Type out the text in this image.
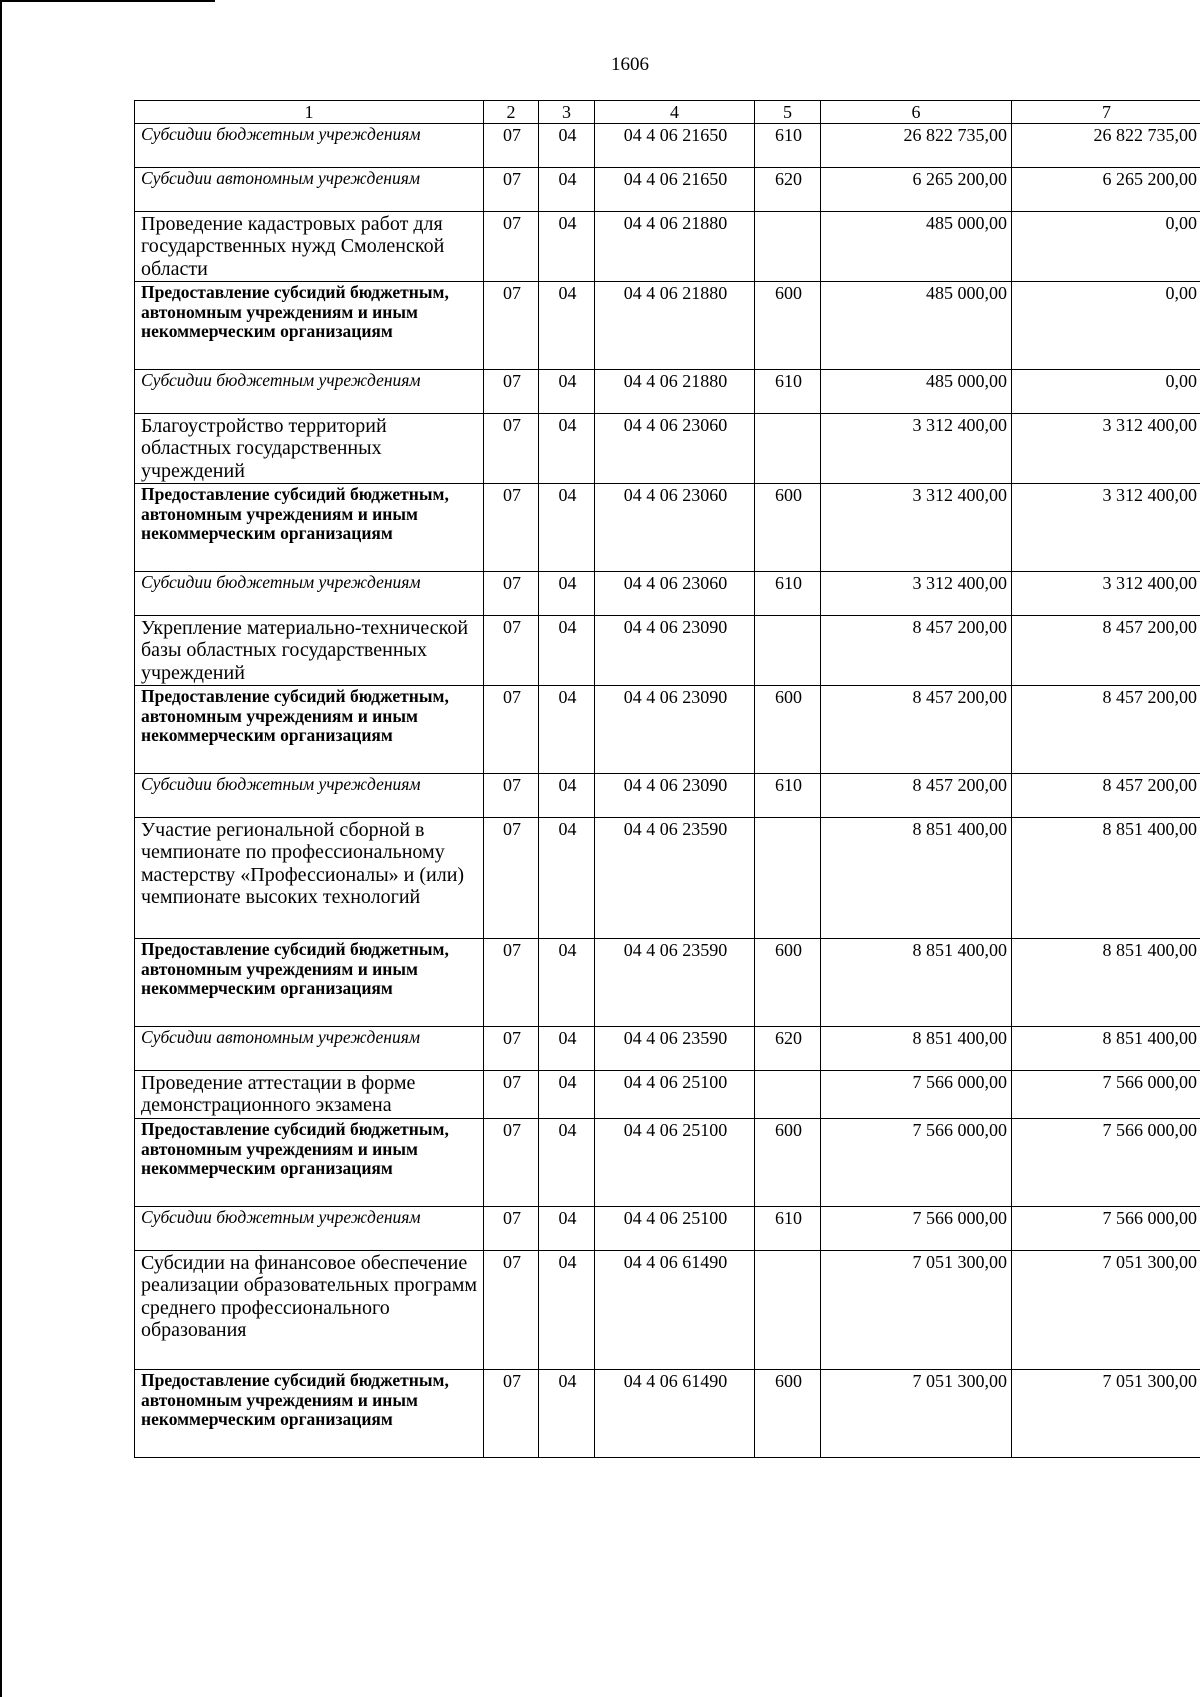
1606
1	2	3	4	5	6	7
Субсидии бюджетным учреждениям	07	04	04 4 06 21650	610	26 822 735,00	26 822 735,00
Субсидии автономным учреждениям	07	04	04 4 06 21650	620	6 265 200,00	6 265 200,00
Проведение кадастровых работ для государственных нужд Смоленской области	07	04	04 4 06 21880		485 000,00	0,00
Предоставление субсидий бюджетным, автономным учреждениям и иным некоммерческим организациям	07	04	04 4 06 21880	600	485 000,00	0,00
Субсидии бюджетным учреждениям	07	04	04 4 06 21880	610	485 000,00	0,00
Благоустройство территорий областных государственных учреждений	07	04	04 4 06 23060		3 312 400,00	3 312 400,00
Предоставление субсидий бюджетным, автономным учреждениям и иным некоммерческим организациям	07	04	04 4 06 23060	600	3 312 400,00	3 312 400,00
Субсидии бюджетным учреждениям	07	04	04 4 06 23060	610	3 312 400,00	3 312 400,00
Укрепление материально-технической базы областных государственных учреждений	07	04	04 4 06 23090		8 457 200,00	8 457 200,00
Предоставление субсидий бюджетным, автономным учреждениям и иным некоммерческим организациям	07	04	04 4 06 23090	600	8 457 200,00	8 457 200,00
Субсидии бюджетным учреждениям	07	04	04 4 06 23090	610	8 457 200,00	8 457 200,00
Участие региональной сборной в чемпионате по профессиональному мастерству «Профессионалы» и (или) чемпионате высоких технологий	07	04	04 4 06 23590		8 851 400,00	8 851 400,00
Предоставление субсидий бюджетным, автономным учреждениям и иным некоммерческим организациям	07	04	04 4 06 23590	600	8 851 400,00	8 851 400,00
Субсидии автономным учреждениям	07	04	04 4 06 23590	620	8 851 400,00	8 851 400,00
Проведение аттестации в форме демонстрационного экзамена	07	04	04 4 06 25100		7 566 000,00	7 566 000,00
Предоставление субсидий бюджетным, автономным учреждениям и иным некоммерческим организациям	07	04	04 4 06 25100	600	7 566 000,00	7 566 000,00
Субсидии бюджетным учреждениям	07	04	04 4 06 25100	610	7 566 000,00	7 566 000,00
Субсидии на финансовое обеспечение реализации образовательных программ среднего профессионального образования	07	04	04 4 06 61490		7 051 300,00	7 051 300,00
Предоставление субсидий бюджетным, автономным учреждениям и иным некоммерческим организациям	07	04	04 4 06 61490	600	7 051 300,00	7 051 300,00
